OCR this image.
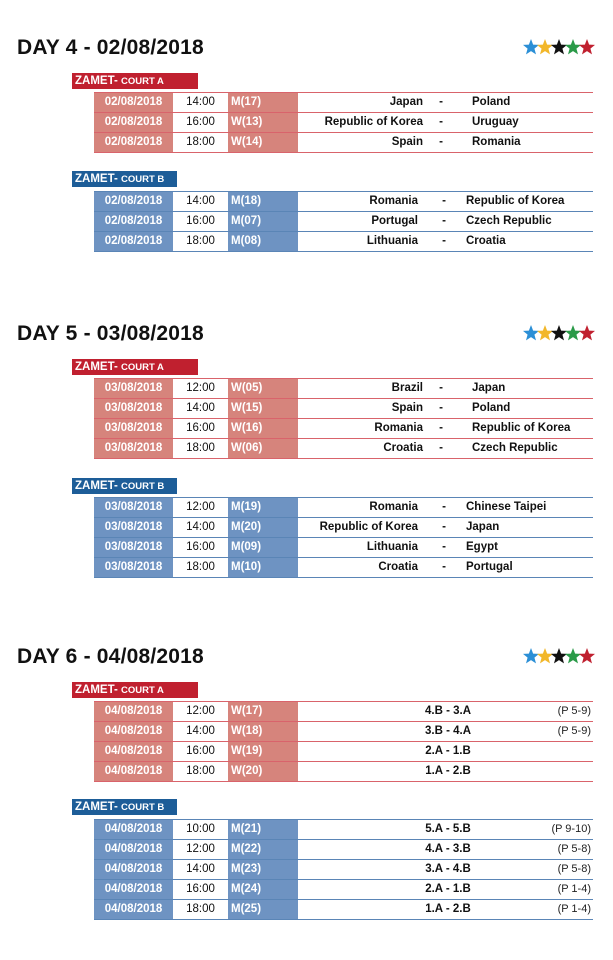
DAY 4 - 02/08/2018
ZAMET- COURT A
02/08/2018	14:00	M(17)	Japan	-	Poland
02/08/2018	16:00	W(13)	Republic of Korea	-	Uruguay
02/08/2018	18:00	W(14)	Spain	-	Romania
ZAMET- COURT B
02/08/2018	14:00	M(18)	Romania	-	Republic of Korea
02/08/2018	16:00	M(07)	Portugal	-	Czech Republic
02/08/2018	18:00	M(08)	Lithuania	-	Croatia
DAY 5 - 03/08/2018
ZAMET- COURT A
03/08/2018	12:00	W(05)	Brazil	-	Japan
03/08/2018	14:00	W(15)	Spain	-	Poland
03/08/2018	16:00	W(16)	Romania	-	Republic of Korea
03/08/2018	18:00	W(06)	Croatia	-	Czech Republic
ZAMET- COURT B
03/08/2018	12:00	M(19)	Romania	-	Chinese Taipei
03/08/2018	14:00	M(20)	Republic of Korea	-	Japan
03/08/2018	16:00	M(09)	Lithuania	-	Egypt
03/08/2018	18:00	M(10)	Croatia	-	Portugal
DAY 6 - 04/08/2018
ZAMET- COURT A
04/08/2018	12:00	W(17)	4.B - 3.A	(P 5-9)
04/08/2018	14:00	W(18)	3.B - 4.A	(P 5-9)
04/08/2018	16:00	W(19)	2.A - 1.B
04/08/2018	18:00	W(20)	1.A - 2.B
ZAMET- COURT B
04/08/2018	10:00	M(21)	5.A - 5.B	(P 9-10)
04/08/2018	12:00	M(22)	4.A - 3.B	(P 5-8)
04/08/2018	14:00	M(23)	3.A - 4.B	(P 5-8)
04/08/2018	16:00	M(24)	2.A - 1.B	(P 1-4)
04/08/2018	18:00	M(25)	1.A - 2.B	(P 1-4)
